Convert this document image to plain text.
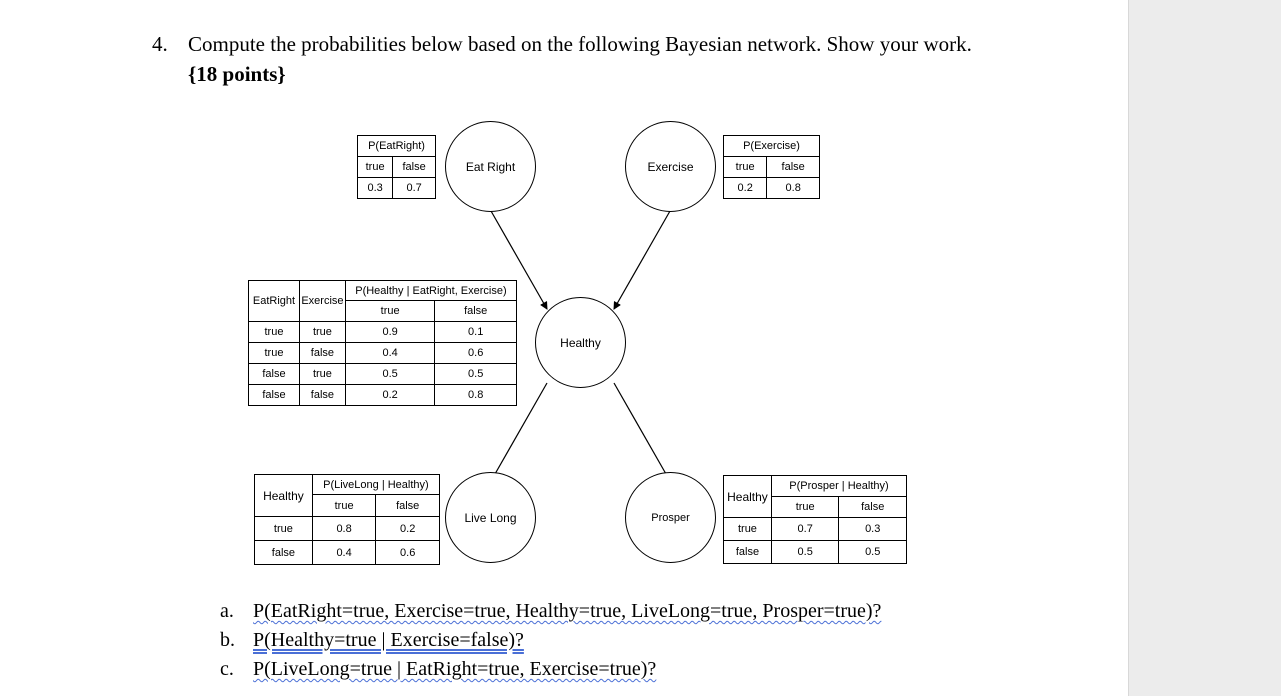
4. Compute the probabilities below based on the following Bayesian network. Show your work.
{18 points}
Eat Right	Exercise
Healthy
Live Long	Prosper
P(EatRight)	
true	false
0.3	0.7
P(Exercise)	
true	false
0.2	0.8
EatRight	Exercise	P(Healthy | EatRight, Exercise)	
		true	false
true	true	0.9	0.1
true	false	0.4	0.6
false	true	0.5	0.5
false	false	0.2	0.8
Healthy	P(LiveLong | Healthy)	
	true	false
true	0.8	0.2
false	0.4	0.6
Healthy	P(Prosper | Healthy)	
	true	false
true	0.7	0.3
false	0.5	0.5
a. P(EatRight=true, Exercise=true, Healthy=true, LiveLong=true, Prosper=true)?
b. P(Healthy=true | Exercise=false)?
c. P(LiveLong=true | EatRight=true, Exercise=true)?
